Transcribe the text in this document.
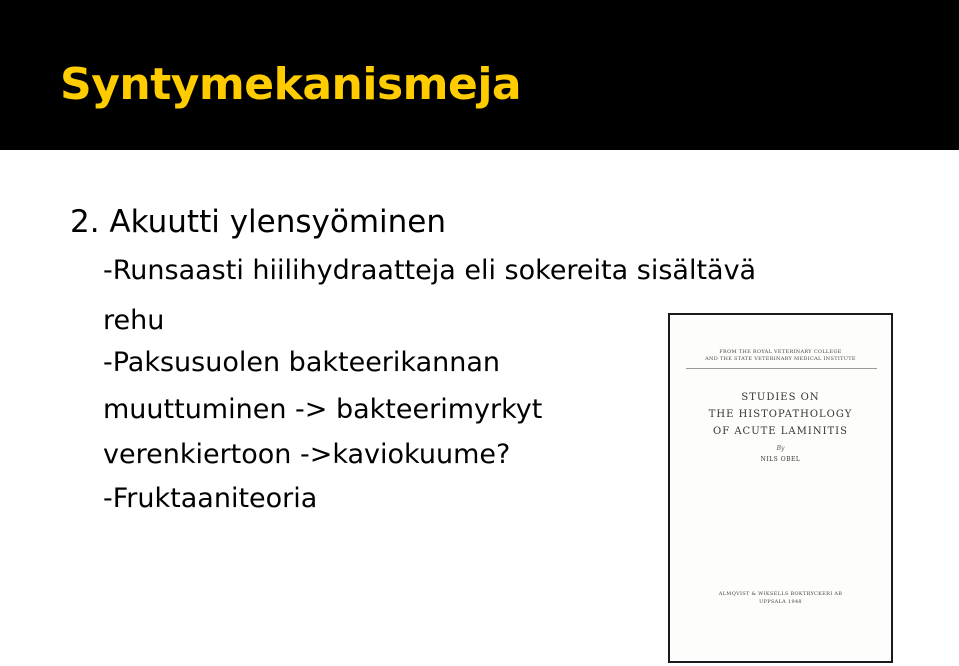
Syntymekanismeja
2. Akuutti ylensyöminen
-Runsaasti hiilihydraatteja eli sokereita sisältävä
rehu
-Paksusuolen bakteerikannan
muuttuminen -> bakteerimyrkyt
verenkiertoon ->kaviokuume?
-Fruktaaniteoria
FROM THE ROYAL VETERINARY COLLEGE
AND THE STATE VETERINARY MEDICAL INSTITUTE
STUDIES ON
THE HISTOPATHOLOGY
OF ACUTE LAMINITIS
By
NILS OBEL
ALMQVIST & WIKSELLS BOKTRYCKERI AB
UPPSALA 1948
